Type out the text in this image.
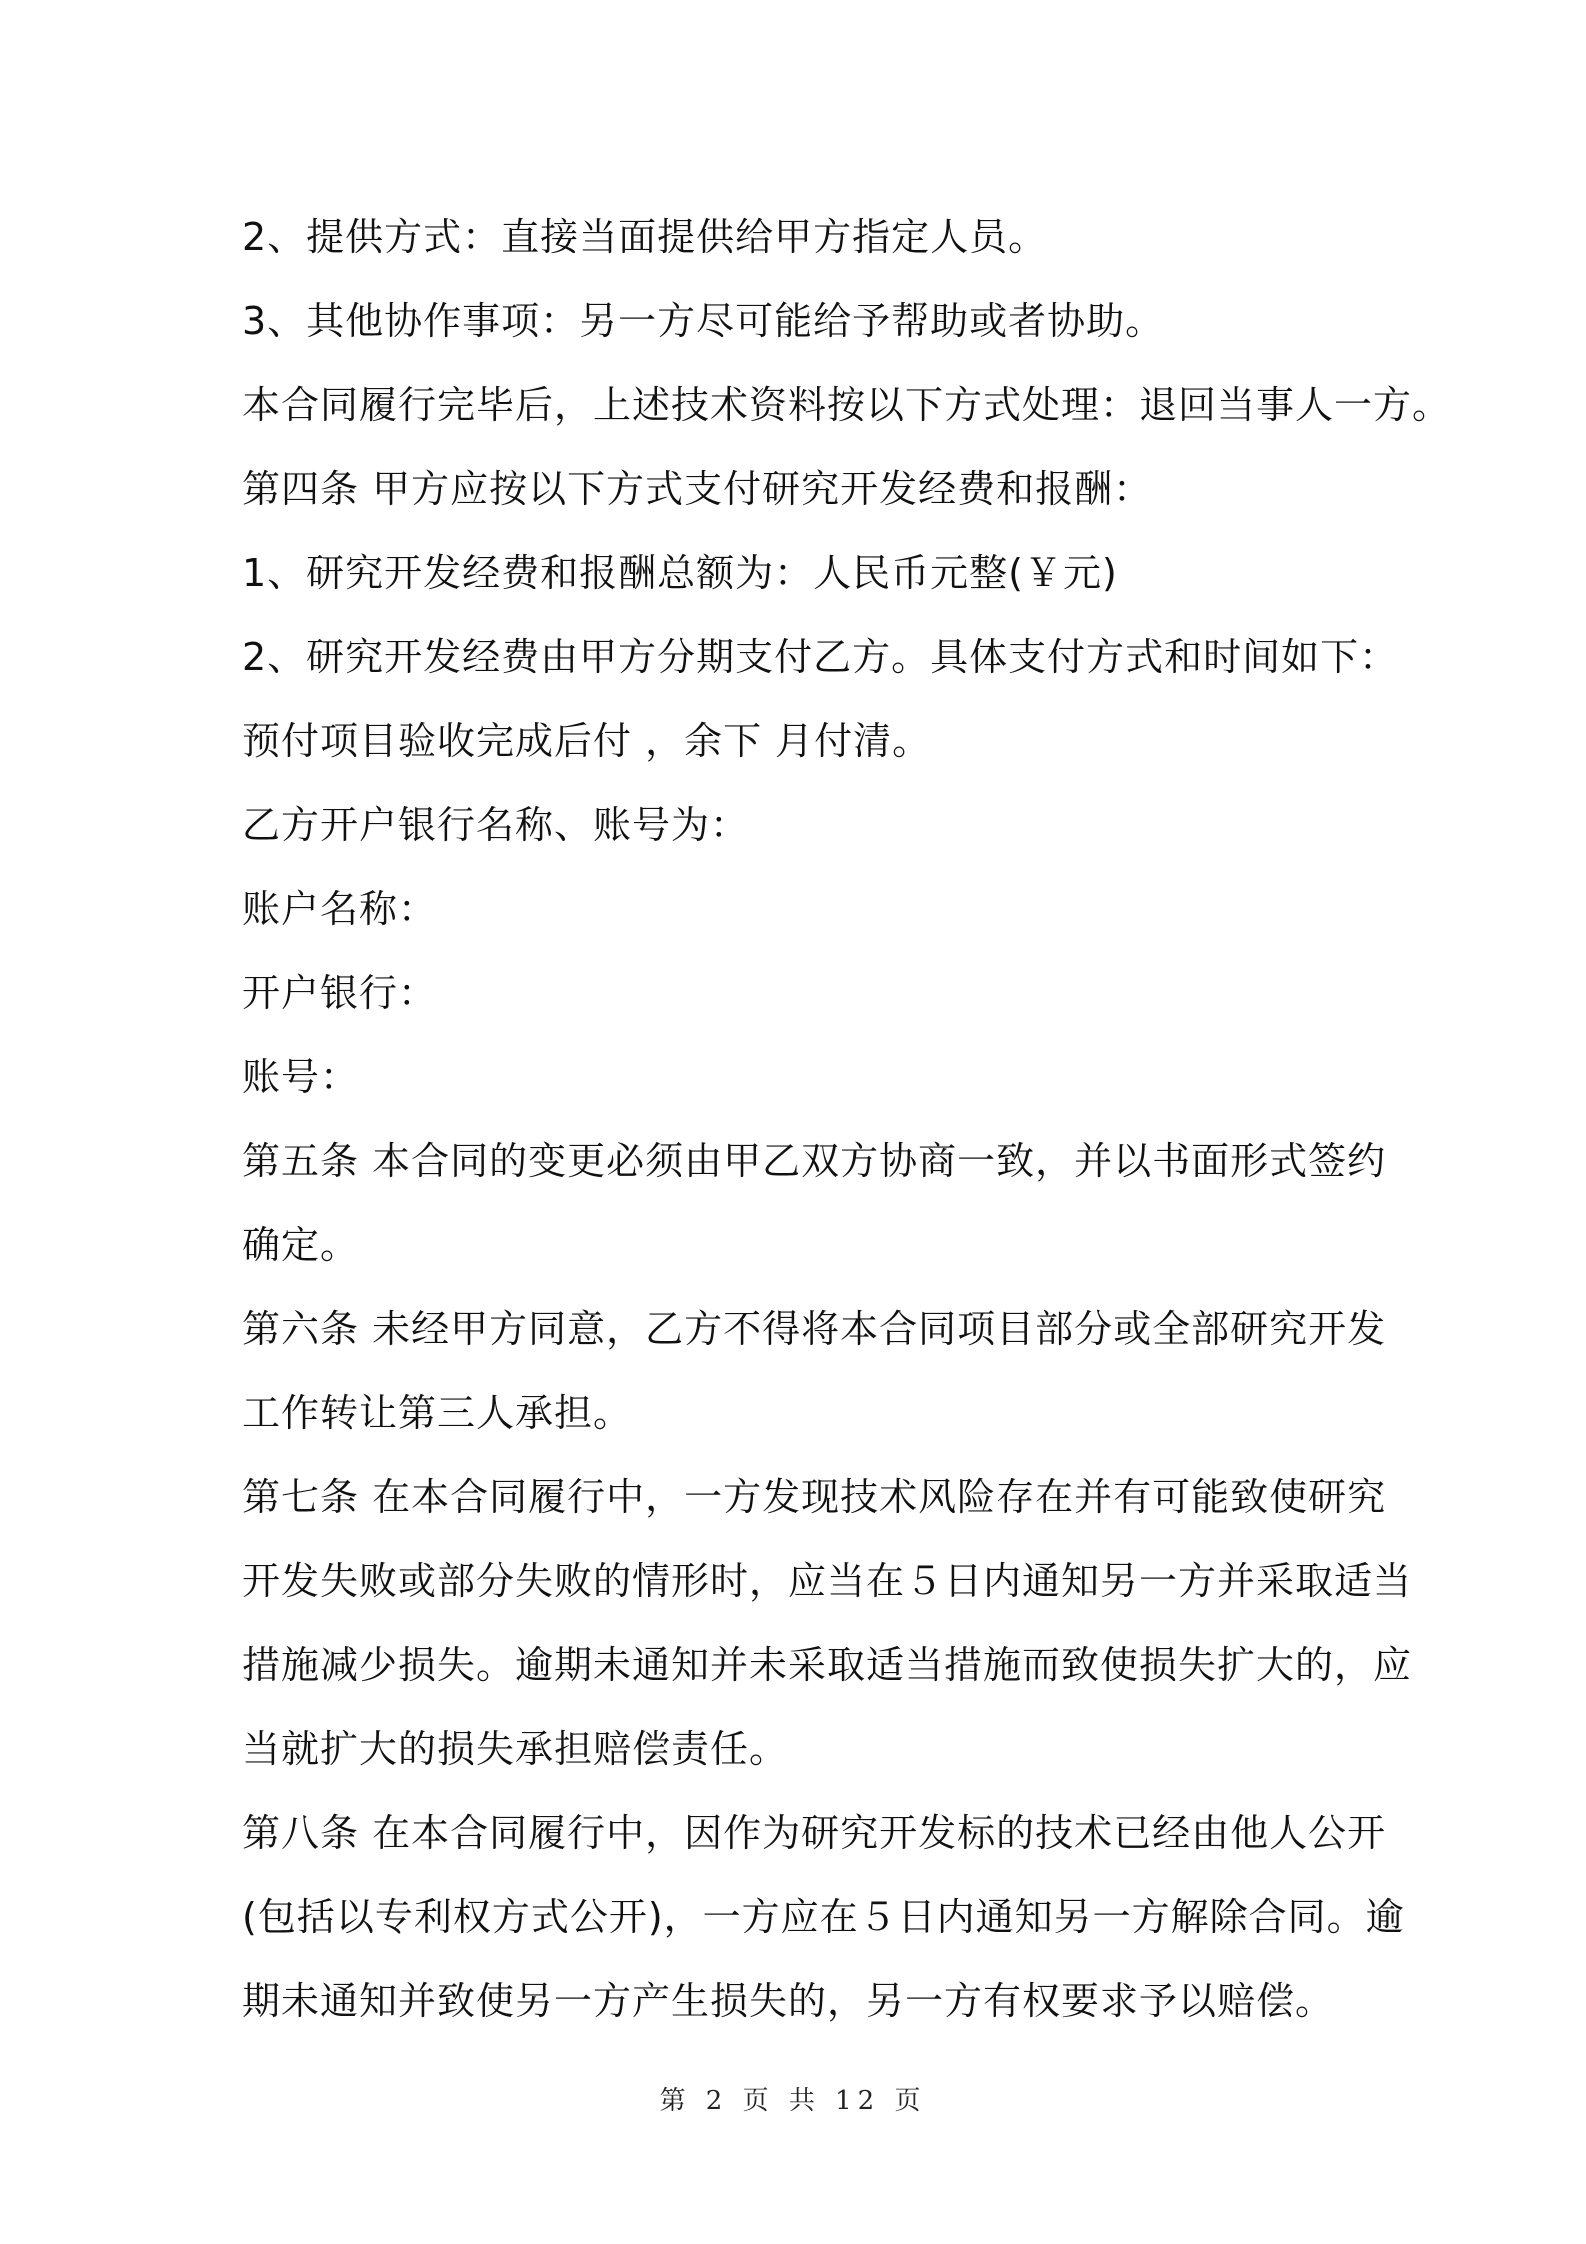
2、提供方式：直接当面提供给甲方指定人员。
3、其他协作事项：另一方尽可能给予帮助或者协助。
本合同履行完毕后，上述技术资料按以下方式处理：退回当事人一方。
第四条 甲方应按以下方式支付研究开发经费和报酬：
1、研究开发经费和报酬总额为：人民币元整(￥元)
2、研究开发经费由甲方分期支付乙方。具体支付方式和时间如下：
预付项目验收完成后付 ，余下 月付清。
乙方开户银行名称、账号为：
账户名称：
开户银行：
账号：
第五条 本合同的变更必须由甲乙双方协商一致，并以书面形式签约
确定。
第六条 未经甲方同意，乙方不得将本合同项目部分或全部研究开发
工作转让第三人承担。
第七条 在本合同履行中，一方发现技术风险存在并有可能致使研究
开发失败或部分失败的情形时，应当在５日内通知另一方并采取适当
措施减少损失。逾期未通知并未采取适当措施而致使损失扩大的，应
当就扩大的损失承担赔偿责任。
第八条 在本合同履行中，因作为研究开发标的技术已经由他人公开
(包括以专利权方式公开)，一方应在５日内通知另一方解除合同。逾
期未通知并致使另一方产生损失的，另一方有权要求予以赔偿。
第 2 页 共 12 页
